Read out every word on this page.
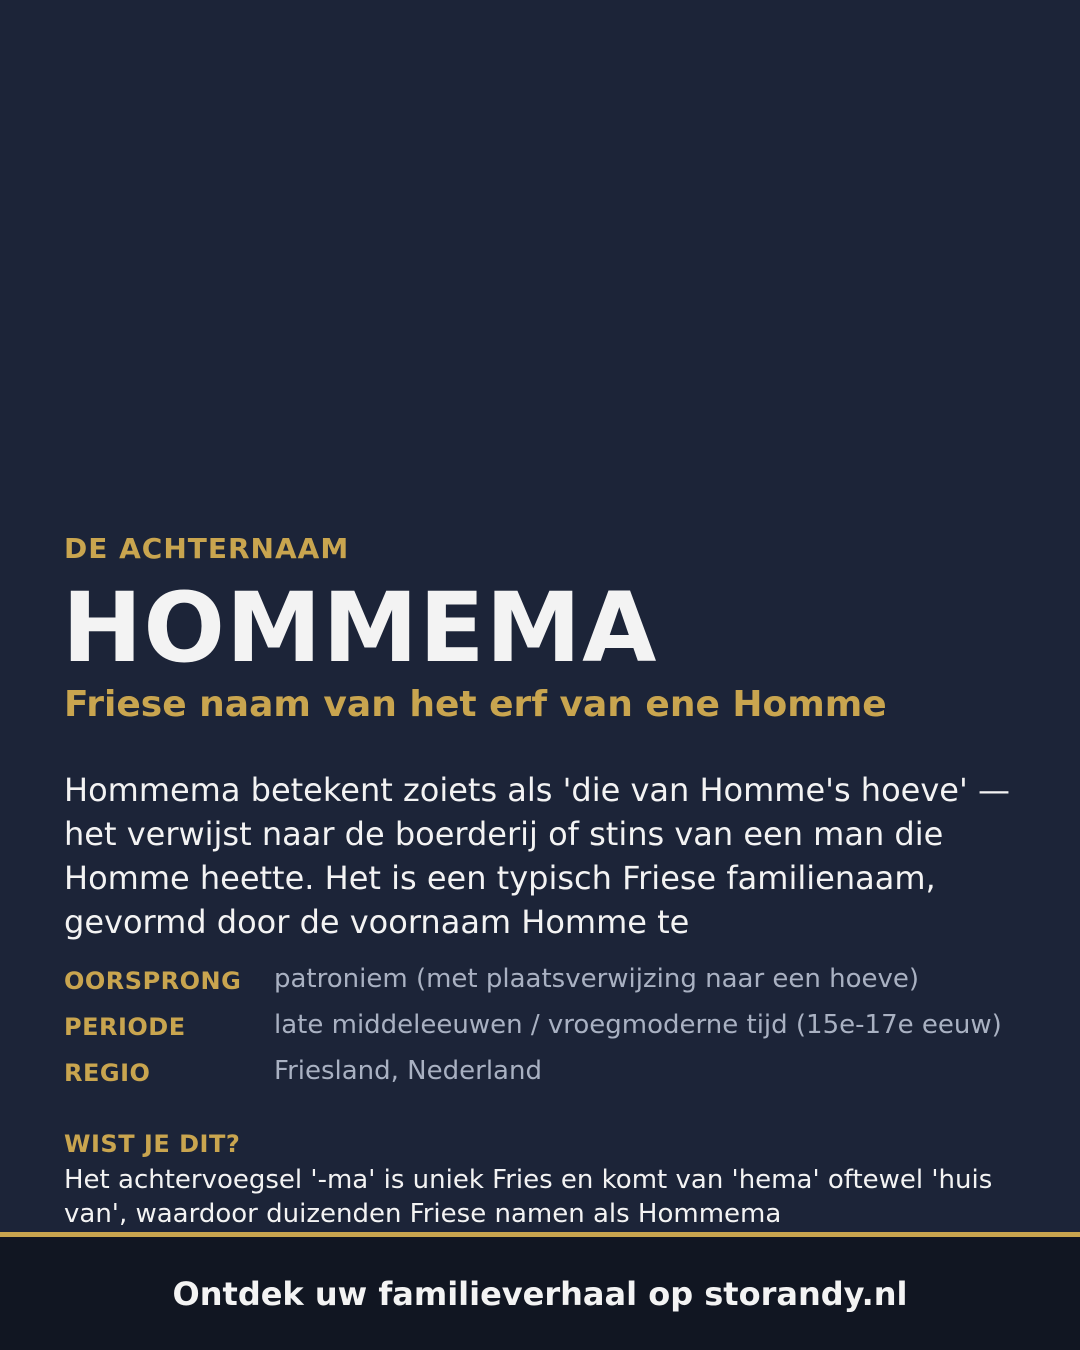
DE ACHTERNAAM
HOMMEMA
Friese naam van het erf van ene Homme
Hommema betekent zoiets als 'die van Homme's hoeve' — het verwijst naar de boerderij of stins van een man die Homme heette. Het is een typisch Friese familienaam, gevormd door de voornaam Homme te
OORSPRONG	patroniem (met plaatsverwijzing naar een hoeve)
PERIODE	late middeleeuwen / vroegmoderne tijd (15e-17e eeuw)
REGIO	Friesland, Nederland
WIST JE DIT?
Het achtervoegsel '-ma' is uniek Fries en komt van 'hema' oftewel 'huis van', waardoor duizenden Friese namen als Hommema
Ontdek uw familieverhaal op storandy.nl
